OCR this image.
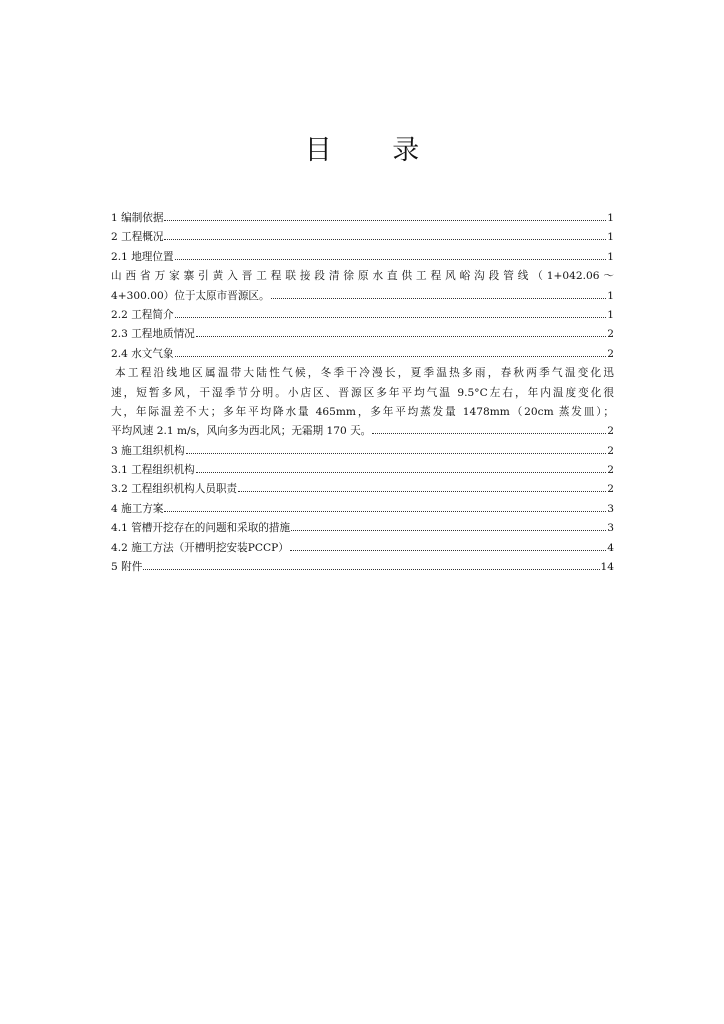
目 录
1 编制依据	1
2 工程概况	1
2.1 地理位置	1
山西省万家寨引黄入晋工程联接段清徐原水直供工程风峪沟段管线（1+042.06～
4+300.00）位于太原市晋源区。	1
2.2 工程简介	1
2.3 工程地质情况	2
2.4 水文气象	2
本工程沿线地区属温带大陆性气候，冬季干冷漫长，夏季温热多雨，春秋两季气温变化迅
速，短暂多风，干湿季节分明。小店区、晋源区多年平均气温 9.5°C左右，年内温度变化很
大，年际温差不大；多年平均降水量 465mm，多年平均蒸发量 1478mm（20cm 蒸发皿）；
平均风速 2.1 m/s，风向多为西北风；无霜期 170 天。	2
3 施工组织机构	2
3.1 工程组织机构	2
3.2 工程组织机构人员职责	2
4 施工方案	3
4.1 管槽开挖存在的问题和采取的措施	3
4.2 施工方法（开槽明挖安装PCCP）	4
5 附件	14
